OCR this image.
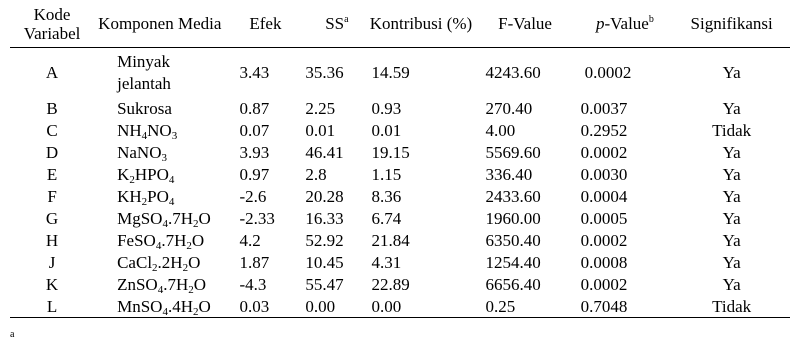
Kode Variabel	Komponen Media	Efek	$SS^a$	Kontribusi (%)	F-Value	p-Value$^b$	Signifikansi
A	Minyak jelantah	3.43	35.36	14.59	4243.60	0.0002	Ya
B	Sukrosa	0.87	2.25	0.93	270.40	0.0037	Ya
C	$NH_4NO_3$	0.07	0.01	0.01	4.00	0.2952	Tidak
D	NaNO$_3$	3.93	46.41	19.15	5569.60	0.0002	Ya
E	$K_2HPO_4$	0.97	2.8	1.15	336.40	0.0030	Ya
F	$KH_2PO_4$	-2.6	20.28	8.36	2433.60	0.0004	Ya
G	$MgSO_4.7H_2O$	-2.33	16.33	6.74	1960.00	0.0005	Ya
H	$FeSO_4.7H_2O$	4.2	52.92	21.84	6350.40	0.0002	Ya
J	$CaCl_2.2H_2O$	1.87	10.45	4.31	1254.40	0.0008	Ya
K	$ZnSO_4.7H_2O$	-4.3	55.47	22.89	6656.40	0.0002	Ya
L	$MnSO_4.4H_2O$	0.03	0.00	0.00	0.25	0.7048	Tidak
a
